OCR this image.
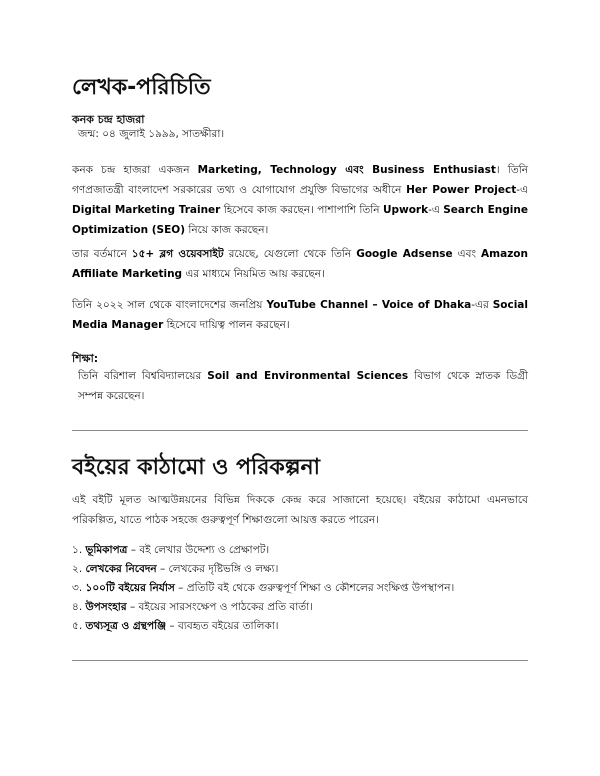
লেখক-পরিচিতি

কনক চন্দ্র হাজরা

জন্ম: ০৪ জুলাই ১৯৯৯, সাতক্ষীরা।

কনক চন্দ্র হাজরা একজন Marketing, Technology এবং Business Enthusiast। তিনি গণপ্রজাতন্ত্রী বাংলাদেশ সরকারের তথ্য ও যোগাযোগ প্রযুক্তি বিভাগের অধীনে Her Power Project-এ Digital Marketing Trainer হিসেবে কাজ করছেন। পাশাপাশি তিনি Upwork-এ Search Engine Optimization (SEO) নিয়ে কাজ করছেন।

তার বর্তমানে ১৫+ ব্লগ ওয়েবসাইট রয়েছে, যেগুলো থেকে তিনি Google Adsense এবং Amazon Affiliate Marketing এর মাধ্যমে নিয়মিত আয় করছেন।

তিনি ২০২২ সাল থেকে বাংলাদেশের জনপ্রিয় YouTube Channel – Voice of Dhaka-এর Social Media Manager হিসেবে দায়িত্ব পালন করছেন।

শিক্ষা:

তিনি বরিশাল বিশ্ববিদ্যালয়ের Soil and Environmental Sciences বিভাগ থেকে স্নাতক ডিগ্রী সম্পন্ন করেছেন।

বইয়ের কাঠামো ও পরিকল্পনা

এই বইটি মূলত আত্মউন্নয়নের বিভিন্ন দিককে কেন্দ্র করে সাজানো হয়েছে। বইয়ের কাঠামো এমনভাবে পরিকল্পিত, যাতে পাঠক সহজে গুরুত্বপূর্ণ শিক্ষাগুলো আয়ত্ত করতে পারেন।

১. ভূমিকাপত্র – বই লেখার উদ্দেশ্য ও প্রেক্ষাপট।
২. লেখকের নিবেদন – লেখকের দৃষ্টিভঙ্গি ও লক্ষ্য।
৩. ১০০টি বইয়ের নির্যাস – প্রতিটি বই থেকে গুরুত্বপূর্ণ শিক্ষা ও কৌশলের সংক্ষিপ্ত উপস্থাপন।
৪. উপসংহার – বইয়ের সারসংক্ষেপ ও পাঠকের প্রতি বার্তা।
৫. তথ্যসূত্র ও গ্রন্থপঞ্জি – ব্যবহৃত বইয়ের তালিকা।
